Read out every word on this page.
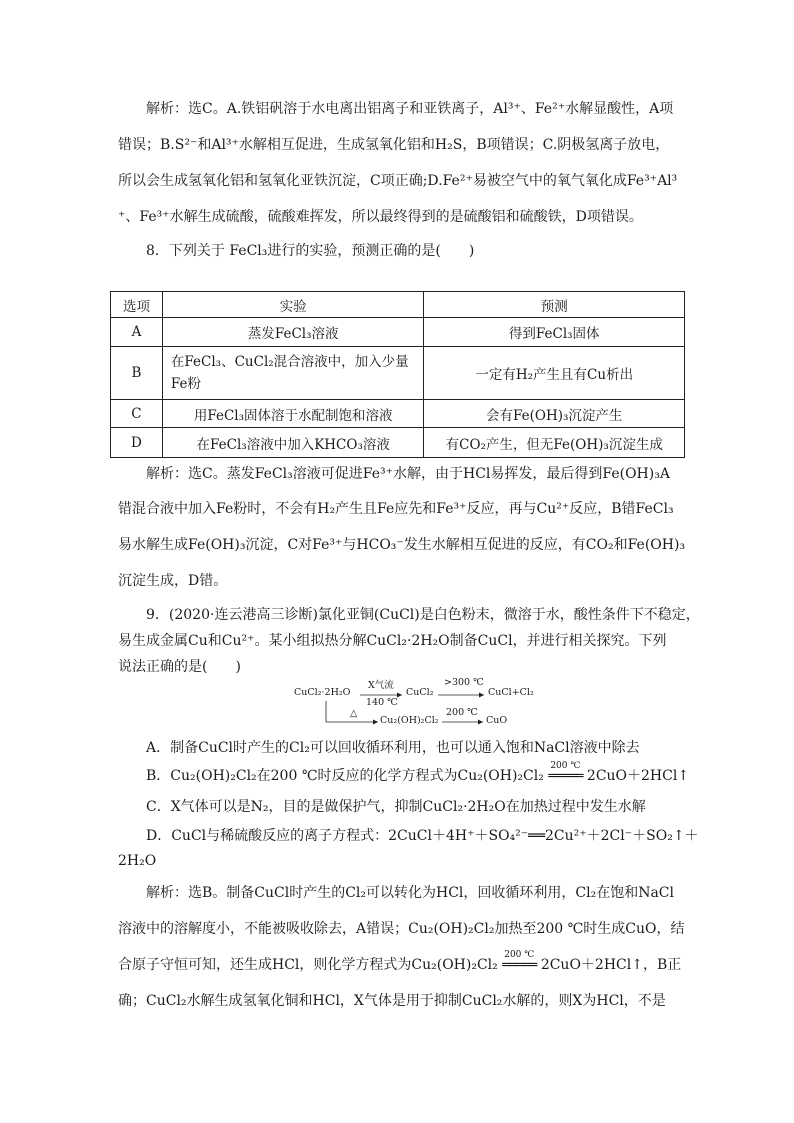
解析：选C。A.铁铝矾溶于水电离出铝离子和亚铁离子，Al³⁺、Fe²⁺水解显酸性，A项
错误；B.S²⁻和Al³⁺水解相互促进，生成氢氧化铝和H₂S，B项错误；C.阴极氢离子放电，
所以会生成氢氧化铝和氢氧化亚铁沉淀，C项正确;D.Fe²⁺易被空气中的氧气氧化成Fe³⁺Al³
⁺、Fe³⁺水解生成硫酸，硫酸难挥发，所以最终得到的是硫酸铝和硫酸铁，D项错误。
8．下列关于 FeCl₃进行的实验，预测正确的是(　　)
选项	实验	预测
A	蒸发FeCl₃溶液	得到FeCl₃固体
B	在FeCl₃、CuCl₂混合溶液中，加入少量Fe粉	一定有H₂产生且有Cu析出
C	用FeCl₃固体溶于水配制饱和溶液	会有Fe(OH)₃沉淀产生
D	在FeCl₃溶液中加入KHCO₃溶液	有CO₂产生，但无Fe(OH)₃沉淀生成
解析：选C。蒸发FeCl₃溶液可促进Fe³⁺水解，由于HCl易挥发，最后得到Fe(OH)₃A
错混合液中加入Fe粉时，不会有H₂产生且Fe应先和Fe³⁺反应，再与Cu²⁺反应，B错FeCl₃
易水解生成Fe(OH)₃沉淀，C对Fe³⁺与HCO₃⁻发生水解相互促进的反应，有CO₂和Fe(OH)₃
沉淀生成，D错。
9．(2020·连云港高三诊断)氯化亚铜(CuCl)是白色粉末，微溶于水，酸性条件下不稳定，
易生成金属Cu和Cu²⁺。某小组拟热分解CuCl₂·2H₂O制备CuCl，并进行相关探究。下列
说法正确的是(　　)
CuCl₂·2H₂O
X气流
140 ℃
CuCl₂
>300 ℃
CuCl+Cl₂
△
Cu₂(OH)₂Cl₂
200 ℃
CuO
A．制备CuCl时产生的Cl₂可以回收循环利用，也可以通入饱和NaCl溶液中除去
B．Cu₂(OH)₂Cl₂在200 ℃时反应的化学方程式为Cu₂(OH)₂Cl₂
200 ℃
═════ 2CuO＋2HCl↑
C．X气体可以是N₂，目的是做保护气，抑制CuCl₂·2H₂O在加热过程中发生水解
D．CuCl与稀硫酸反应的离子方程式：2CuCl＋4H⁺＋SO₄²⁻══2Cu²⁺＋2Cl⁻＋SO₂↑＋
2H₂O
解析：选B。制备CuCl时产生的Cl₂可以转化为HCl，回收循环利用，Cl₂在饱和NaCl
溶液中的溶解度小，不能被吸收除去，A错误；Cu₂(OH)₂Cl₂加热至200 ℃时生成CuO，结
合原子守恒可知，还生成HCl，则化学方程式为Cu₂(OH)₂Cl₂
200 ℃
═════ 2CuO＋2HCl↑，B正
确；CuCl₂水解生成氢氧化铜和HCl，X气体是用于抑制CuCl₂水解的，则X为HCl，不是
